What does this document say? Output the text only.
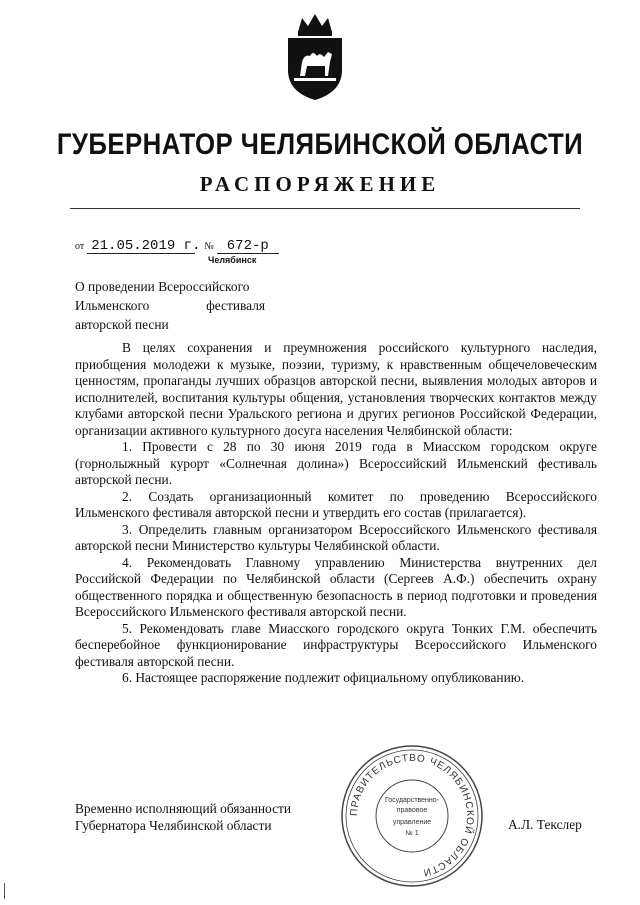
ГУБЕРНАТОР ЧЕЛЯБИНСКОЙ ОБЛАСТИ
РАСПОРЯЖЕНИЕ
от 21.05.2019 г. № 672-р
Челябинск
О проведении Всероссийского
Ильменского	фестиваля
авторской песни

В целях сохранения и преумножения российского культурного наследия, приобщения молодежи к музыке, поэзии, туризму, к нравственным общечеловеческим ценностям, пропаганды лучших образцов авторской песни, выявления молодых авторов и исполнителей, воспитания культуры общения, установления творческих контактов между клубами авторской песни Уральского региона и других регионов Российской Федерации, организации активного культурного досуга населения Челябинской области:

1. Провести с 28 по 30 июня 2019 года в Миасском городском округе (горнолыжный курорт «Солнечная долина») Всероссийский Ильменский фестиваль авторской песни.

2. Создать организационный комитет по проведению Всероссийского Ильменского фестиваля авторской песни и утвердить его состав (прилагается).

3. Определить главным организатором Всероссийского Ильменского фестиваля авторской песни Министерство культуры Челябинской области.

4. Рекомендовать Главному управлению Министерства внутренних дел Российской Федерации по Челябинской области (Сергеев А.Ф.) обеспечить охрану общественного порядка и общественную безопасность в период подготовки и проведения Всероссийского Ильменского фестиваля авторской песни.

5. Рекомендовать главе Миасского городского округа Тонких Г.М. обеспечить бесперебойное функционирование инфраструктуры Всероссийского Ильменского фестиваля авторской песни.

6. Настоящее распоряжение подлежит официальному опубликованию.

Временно исполняющий обязанности
Губернатора Челябинской области	А.Л. Текслер
ПРАВИТЕЛЬСТВО ЧЕЛЯБИНСКОЙ ОБЛАСТИ
Государственно-
правовое
управление
№ 1
